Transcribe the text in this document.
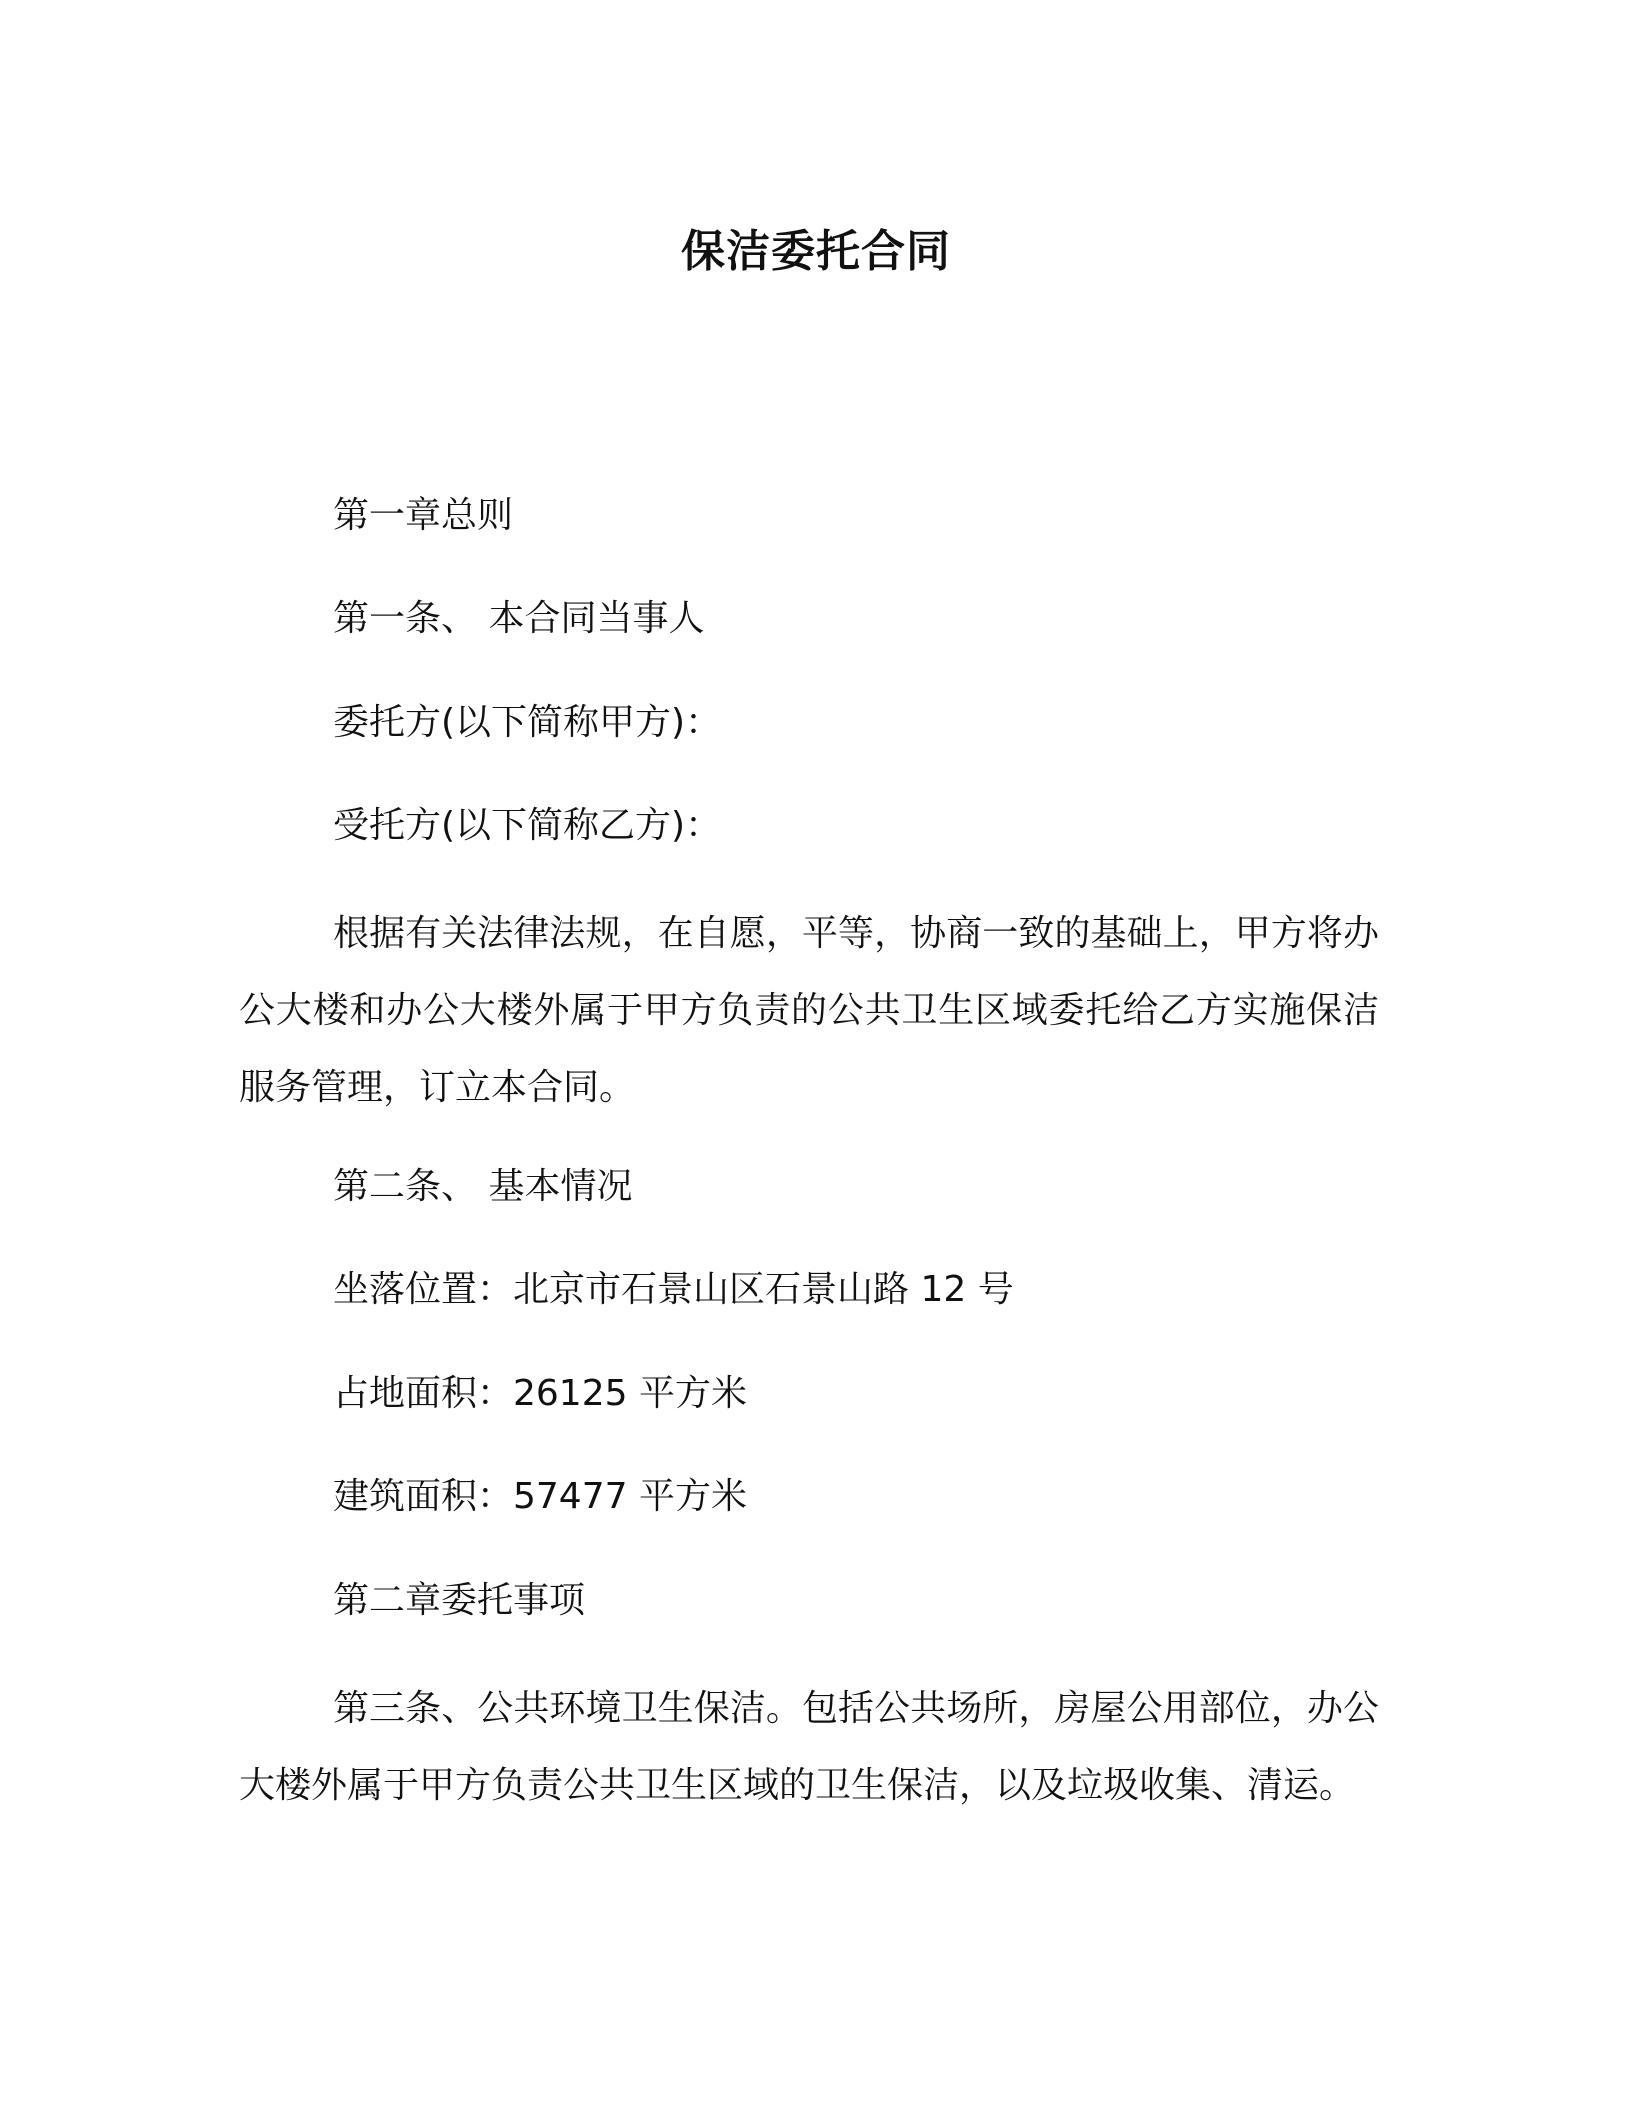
保洁委托合同
第一章总则
第一条、 本合同当事人
委托方(以下简称甲方)：
受托方(以下简称乙方)：

根据有关法律法规，在自愿，平等，协商一致的基础上，甲方将办公大楼和办公大楼外属于甲方负责的公共卫生区域委托给乙方实施保洁服务管理，订立本合同。

第二条、 基本情况
坐落位置：北京市石景山区石景山路 12 号
占地面积：26125 平方米
建筑面积：57477 平方米
第二章委托事项

第三条、公共环境卫生保洁。包括公共场所，房屋公用部位，办公大楼外属于甲方负责公共卫生区域的卫生保洁，以及垃圾收集、清运。
